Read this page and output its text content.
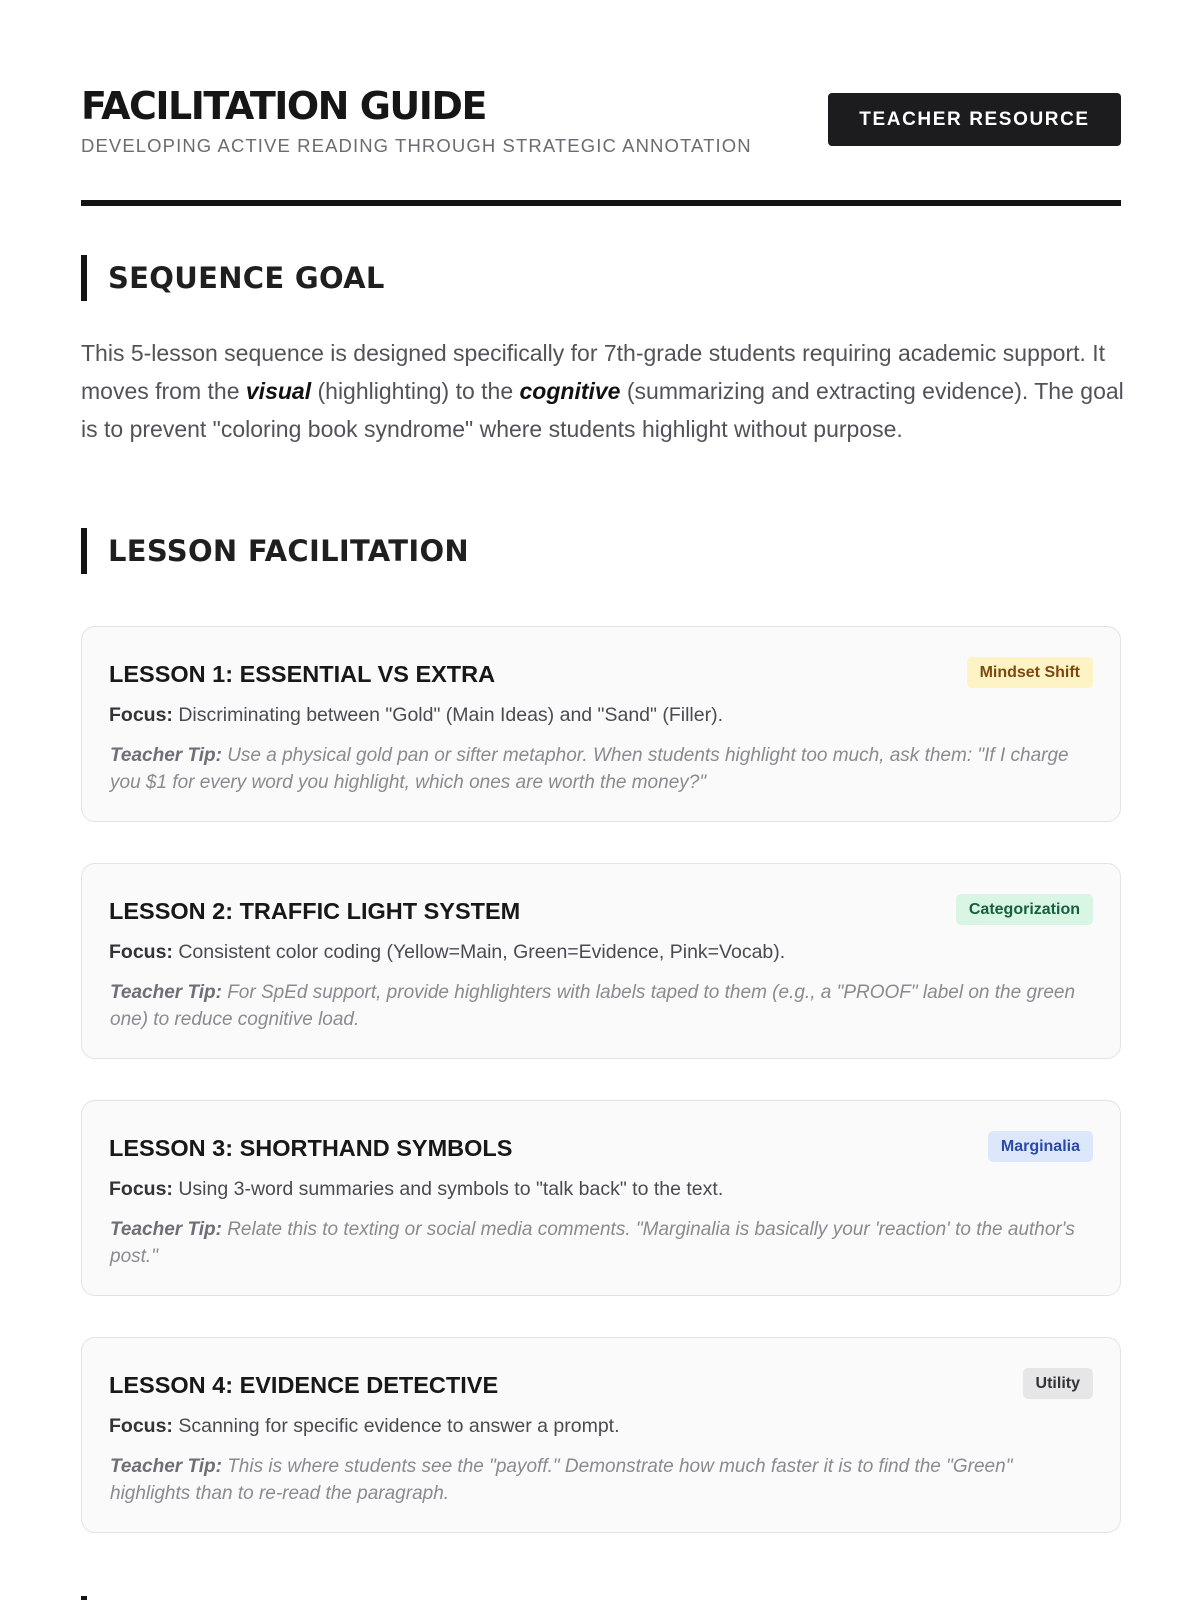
FACILITATION GUIDE
DEVELOPING ACTIVE READING THROUGH STRATEGIC ANNOTATION
TEACHER RESOURCE
SEQUENCE GOAL

This 5-lesson sequence is designed specifically for 7th-grade students requiring academic support. It moves from the visual (highlighting) to the cognitive (summarizing and extracting evidence). The goal is to prevent "coloring book syndrome" where students highlight without purpose.

LESSON FACILITATION
LESSON 1: ESSENTIAL VS EXTRA	Mindset Shift
Focus: Discriminating between "Gold" (Main Ideas) and "Sand" (Filler).
Teacher Tip: Use a physical gold pan or sifter metaphor. When students highlight too much, ask them: "If I charge you $1 for every word you highlight, which ones are worth the money?"
LESSON 2: TRAFFIC LIGHT SYSTEM	Categorization
Focus: Consistent color coding (Yellow=Main, Green=Evidence, Pink=Vocab).
Teacher Tip: For SpEd support, provide highlighters with labels taped to them (e.g., a "PROOF" label on the green one) to reduce cognitive load.
LESSON 3: SHORTHAND SYMBOLS	Marginalia
Focus: Using 3-word summaries and symbols to "talk back" to the text.
Teacher Tip: Relate this to texting or social media comments. "Marginalia is basically your 'reaction' to the author's post."
LESSON 4: EVIDENCE DETECTIVE	Utility
Focus: Scanning for specific evidence to answer a prompt.
Teacher Tip: This is where students see the "payoff." Demonstrate how much faster it is to find the "Green" highlights than to re-read the paragraph.
